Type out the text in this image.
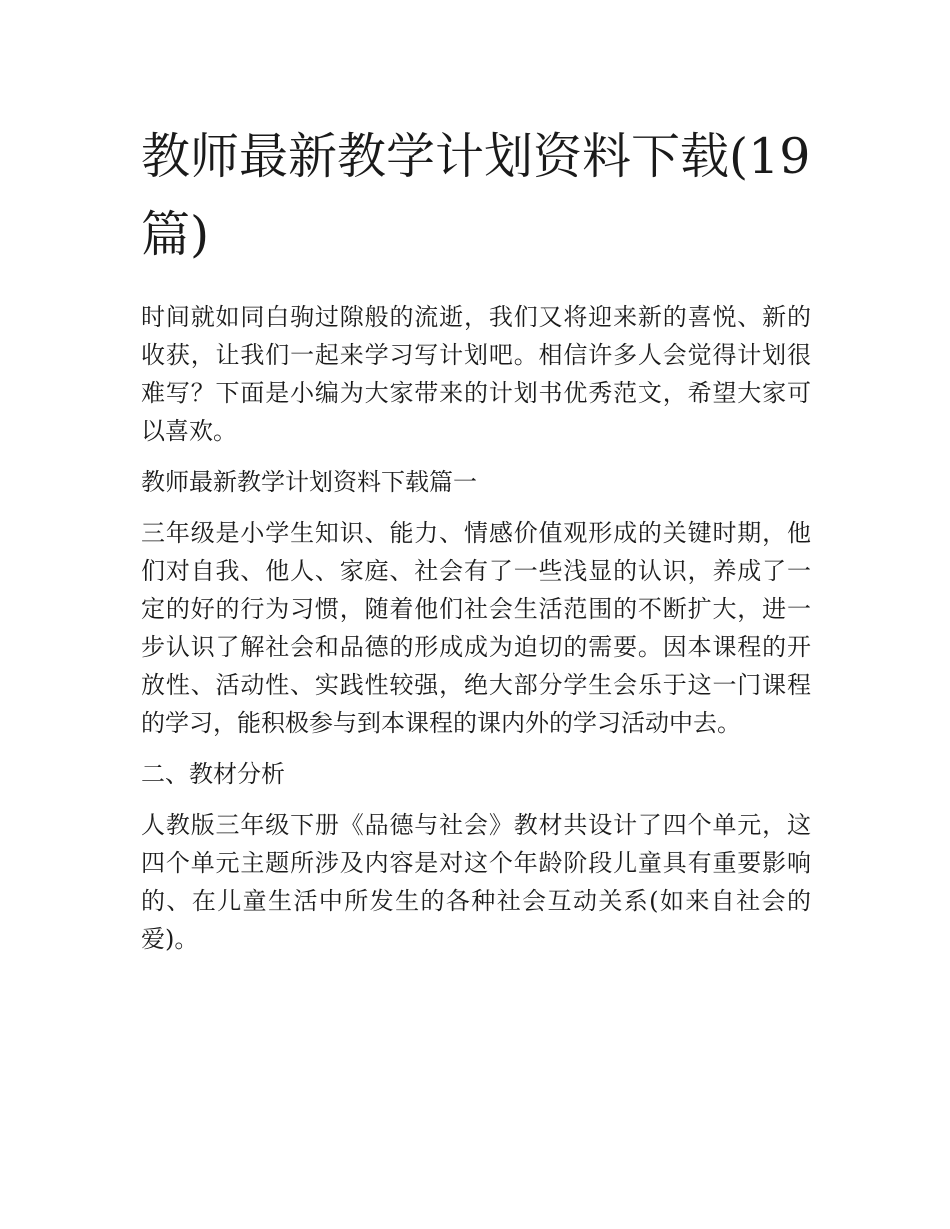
教师最新教学计划资料下载(19篇)

时间就如同白驹过隙般的流逝，我们又将迎来新的喜悦、新的收获，让我们一起来学习写计划吧。相信许多人会觉得计划很难写？下面是小编为大家带来的计划书优秀范文，希望大家可以喜欢。

教师最新教学计划资料下载篇一

三年级是小学生知识、能力、情感价值观形成的关键时期，他们对自我、他人、家庭、社会有了一些浅显的认识，养成了一定的好的行为习惯，随着他们社会生活范围的不断扩大，进一步认识了解社会和品德的形成成为迫切的需要。因本课程的开放性、活动性、实践性较强，绝大部分学生会乐于这一门课程的学习，能积极参与到本课程的课内外的学习活动中去。

二、教材分析

人教版三年级下册《品德与社会》教材共设计了四个单元，这四个单元主题所涉及内容是对这个年龄阶段儿童具有重要影响的、在儿童生活中所发生的各种社会互动关系(如来自社会的爱)。
